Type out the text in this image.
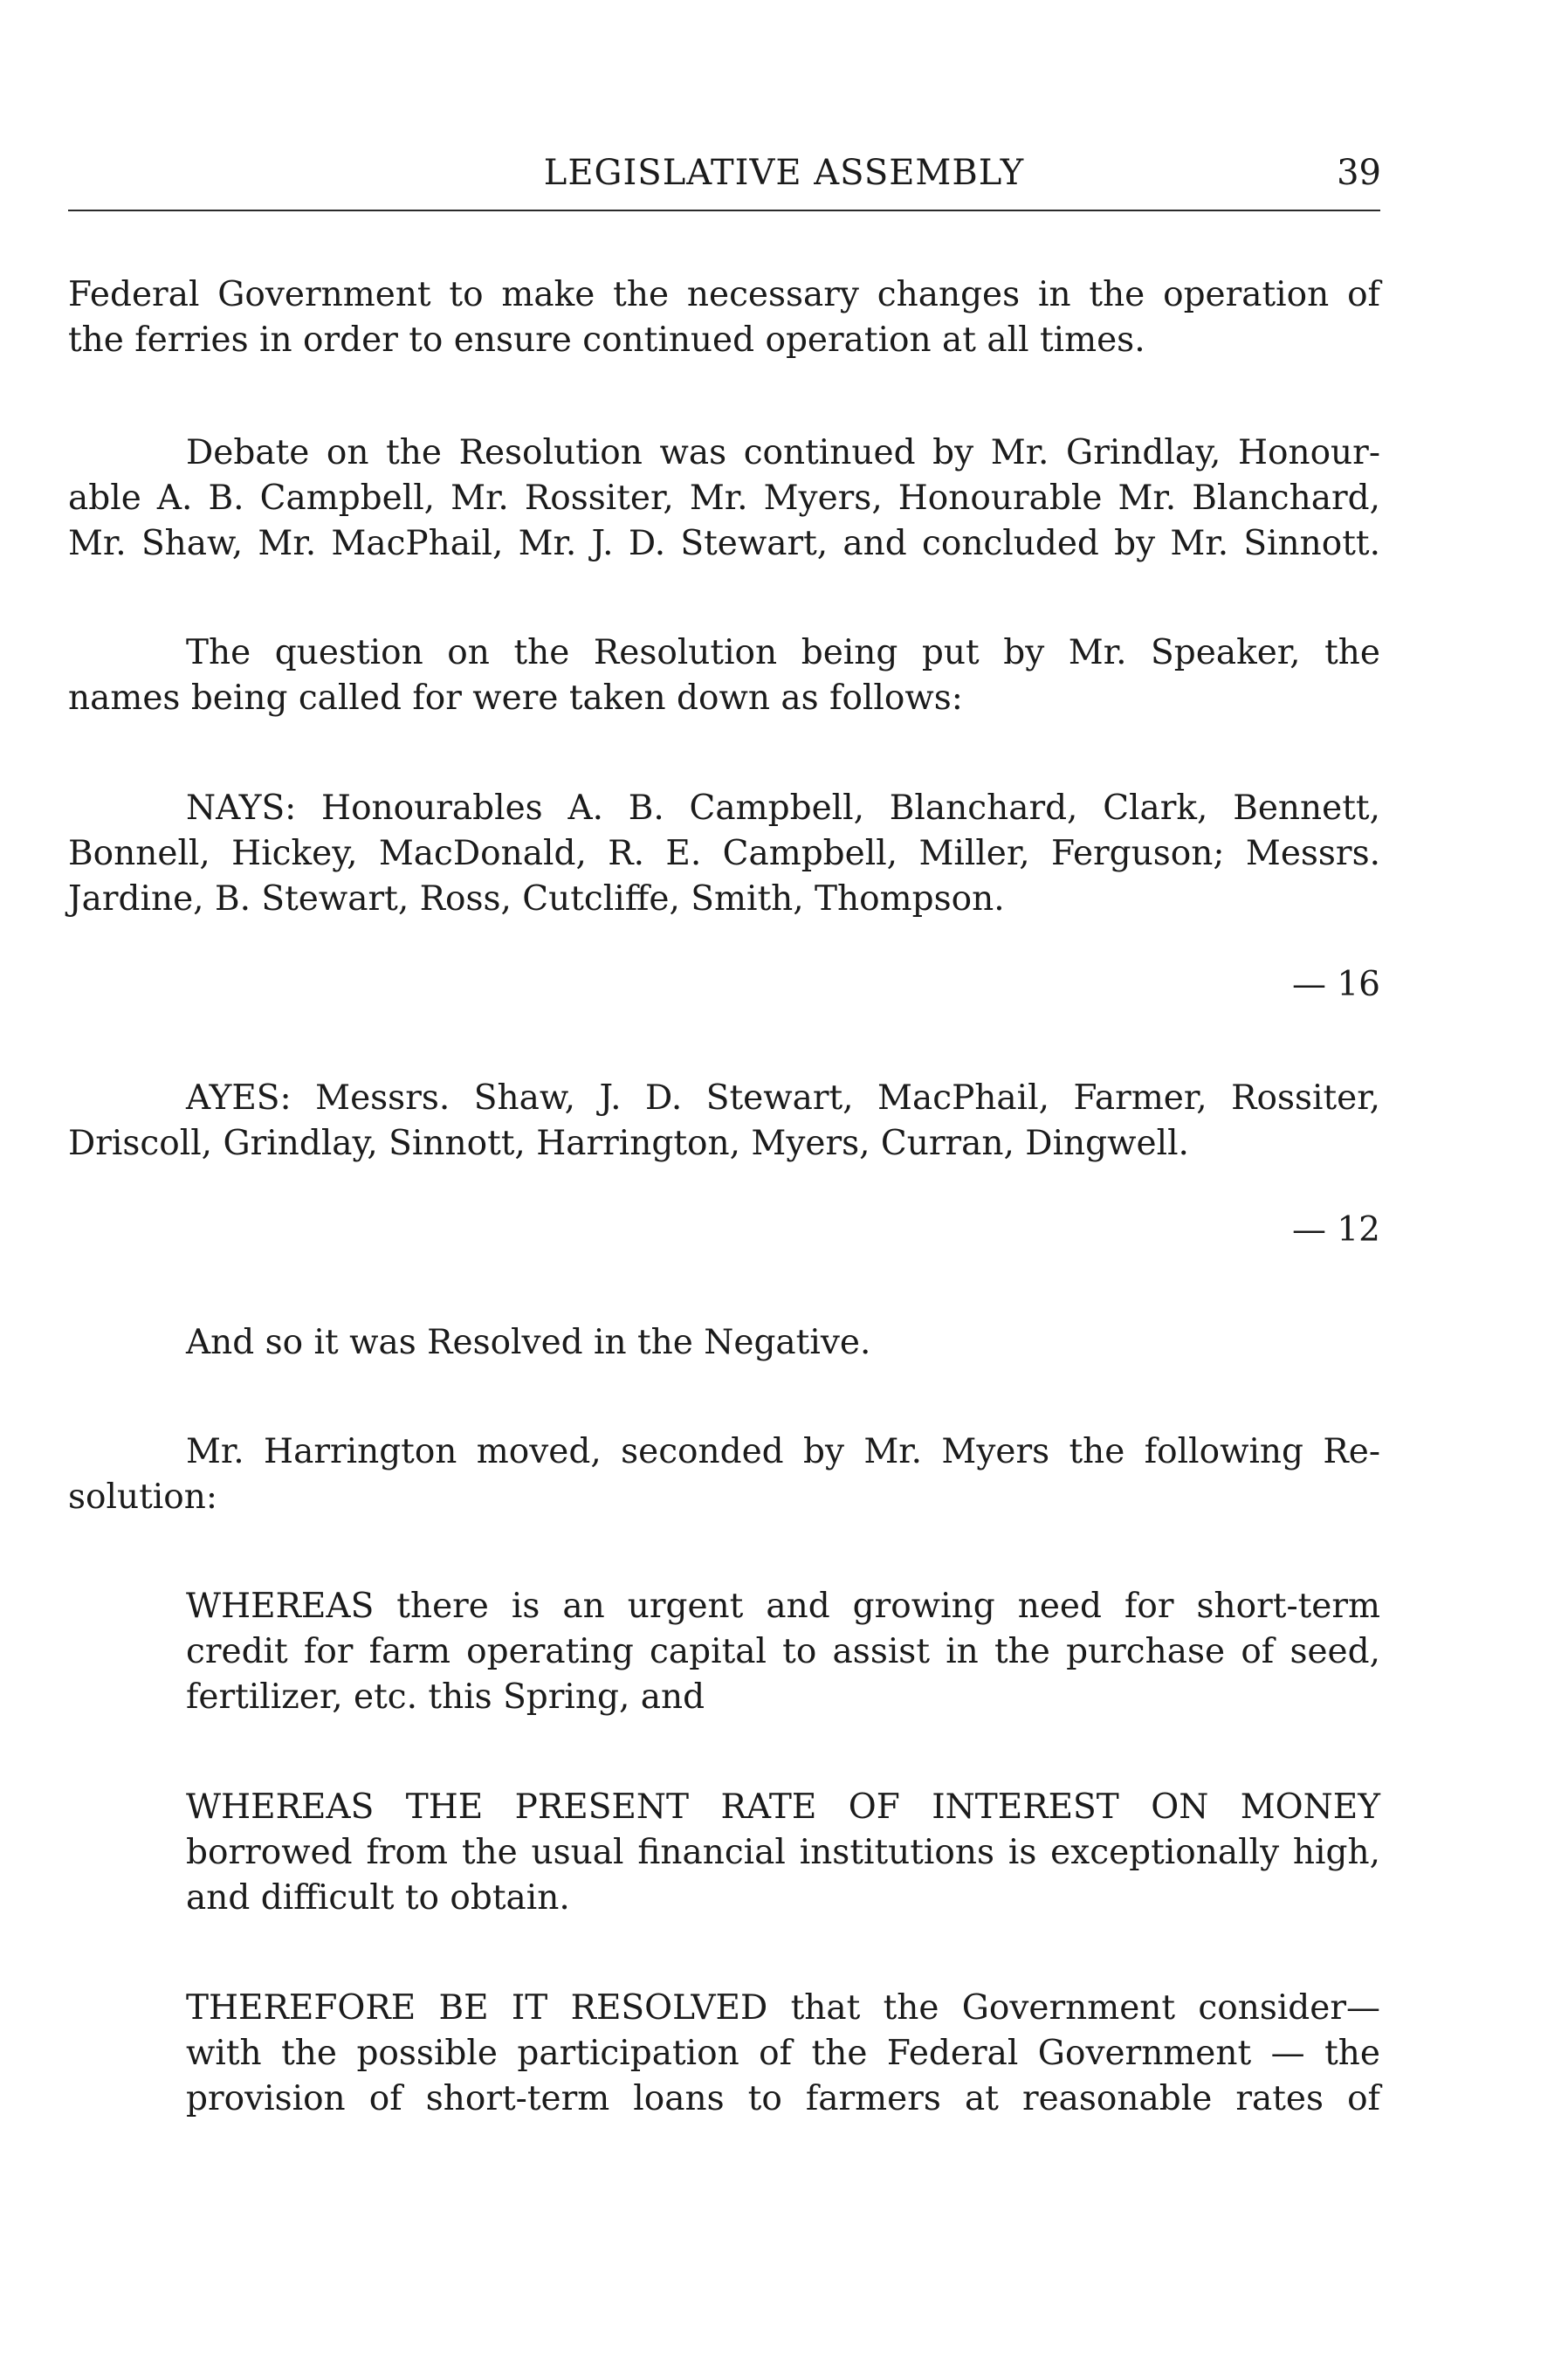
LEGISLATIVE ASSEMBLY	39
Federal Government to make the necessary changes in the operation of
the ferries in order to ensure continued operation at all times.
Debate on the Resolution was continued by Mr. Grindlay, Honour-
able A. B. Campbell, Mr. Rossiter, Mr. Myers, Honourable Mr. Blanchard,
Mr. Shaw, Mr. MacPhail, Mr. J. D. Stewart, and concluded by Mr. Sinnott.
The question on the Resolution being put by Mr. Speaker, the
names being called for were taken down as follows:
NAYS: Honourables A. B. Campbell, Blanchard, Clark, Bennett,
Bonnell, Hickey, MacDonald, R. E. Campbell, Miller, Ferguson; Messrs.
Jardine, B. Stewart, Ross, Cutcliffe, Smith, Thompson.
— 16
AYES: Messrs. Shaw, J. D. Stewart, MacPhail, Farmer, Rossiter,
Driscoll, Grindlay, Sinnott, Harrington, Myers, Curran, Dingwell.
— 12
And so it was Resolved in the Negative.
Mr. Harrington moved, seconded by Mr. Myers the following Re-
solution:
WHEREAS there is an urgent and growing need for short-term
credit for farm operating capital to assist in the purchase of seed,
fertilizer, etc. this Spring, and
WHEREAS THE PRESENT RATE OF INTEREST ON MONEY
borrowed from the usual financial institutions is exceptionally high,
and difficult to obtain.
THEREFORE BE IT RESOLVED that the Government consider—
with the possible participation of the Federal Government — the
provision of short-term loans to farmers at reasonable rates of
